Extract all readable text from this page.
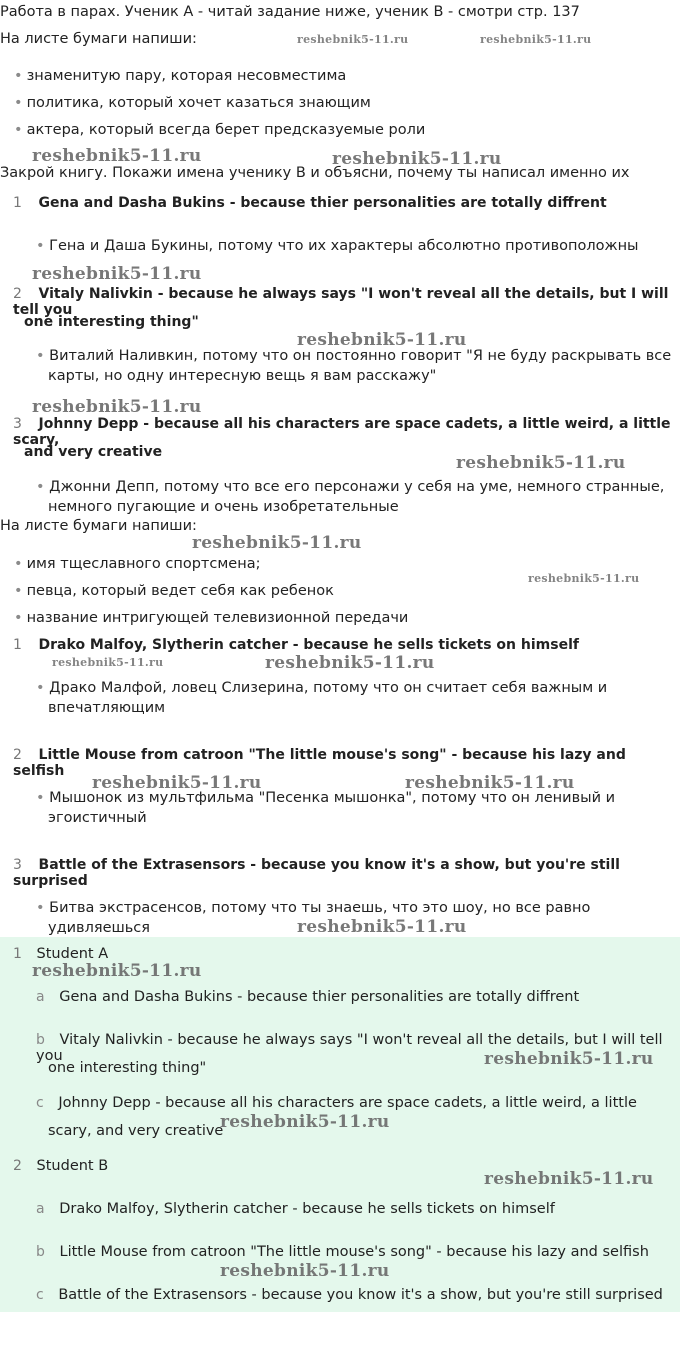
Работа в парах. Ученик А - читай задание ниже, ученик В - смотри стр. 137
На листе бумаги напиши:
• знаменитую пару, которая несовместима
• политика, который хочет казаться знающим
• актера, который всегда берет предсказуемые роли
Закрой книгу. Покажи имена ученику В и объясни, почему ты написал именно их
1 Gena and Dasha Bukins - because thier personalities are totally diffrent
• Гена и Даша Букины, потому что их характеры абсолютно противоположны
2 Vitaly Nalivkin - because he always says "I won't reveal all the details, but I will tell you
one interesting thing"
• Виталий Наливкин, потому что он постоянно говорит "Я не буду раскрывать все
карты, но одну интересную вещь я вам расскажу"
3 Johnny Depp - because all his characters are space cadets, a little weird, a little scary,
and very creative
• Джонни Депп, потому что все его персонажи у себя на уме, немного странные,
немного пугающие и очень изобретательные
На листе бумаги напиши:
• имя тщеславного спортсмена;
• певца, который ведет себя как ребенок
• название интригующей телевизионной передачи
1 Drako Malfoy, Slytherin catcher - because he sells tickets on himself
• Драко Малфой, ловец Слизерина, потому что он считает себя важным и
впечатляющим
2 Little Mouse from catroon "The little mouse's song" - because his lazy and selfish
• Мышонок из мультфильма "Песенка мышонка", потому что он ленивый и
эгоистичный
3 Battle of the Extrasensors - because you know it's a show, but you're still surprised
• Битва экстрасенсов, потому что ты знаешь, что это шоу, но все равно
удивляешься
1 Student A
a Gena and Dasha Bukins - because thier personalities are totally diffrent
b Vitaly Nalivkin - because he always says "I won't reveal all the details, but I will tell you
one interesting thing"
c Johnny Depp - because all his characters are space cadets, a little weird, a little
scary, and very creative
2 Student B
a Drako Malfoy, Slytherin catcher - because he sells tickets on himself
b Little Mouse from catroon "The little mouse's song" - because his lazy and selfish
c Battle of the Extrasensors - because you know it's a show, but you're still surprised
reshebnik5-11.ru	reshebnik5-11.ru
reshebnik5-11.ru	reshebnik5-11.ru
reshebnik5-11.ru
reshebnik5-11.ru
reshebnik5-11.ru
reshebnik5-11.ru
reshebnik5-11.ru
reshebnik5-11.ru
reshebnik5-11.ru	reshebnik5-11.ru
reshebnik5-11.ru	reshebnik5-11.ru
reshebnik5-11.ru
reshebnik5-11.ru
reshebnik5-11.ru
reshebnik5-11.ru
reshebnik5-11.ru
reshebnik5-11.ru
